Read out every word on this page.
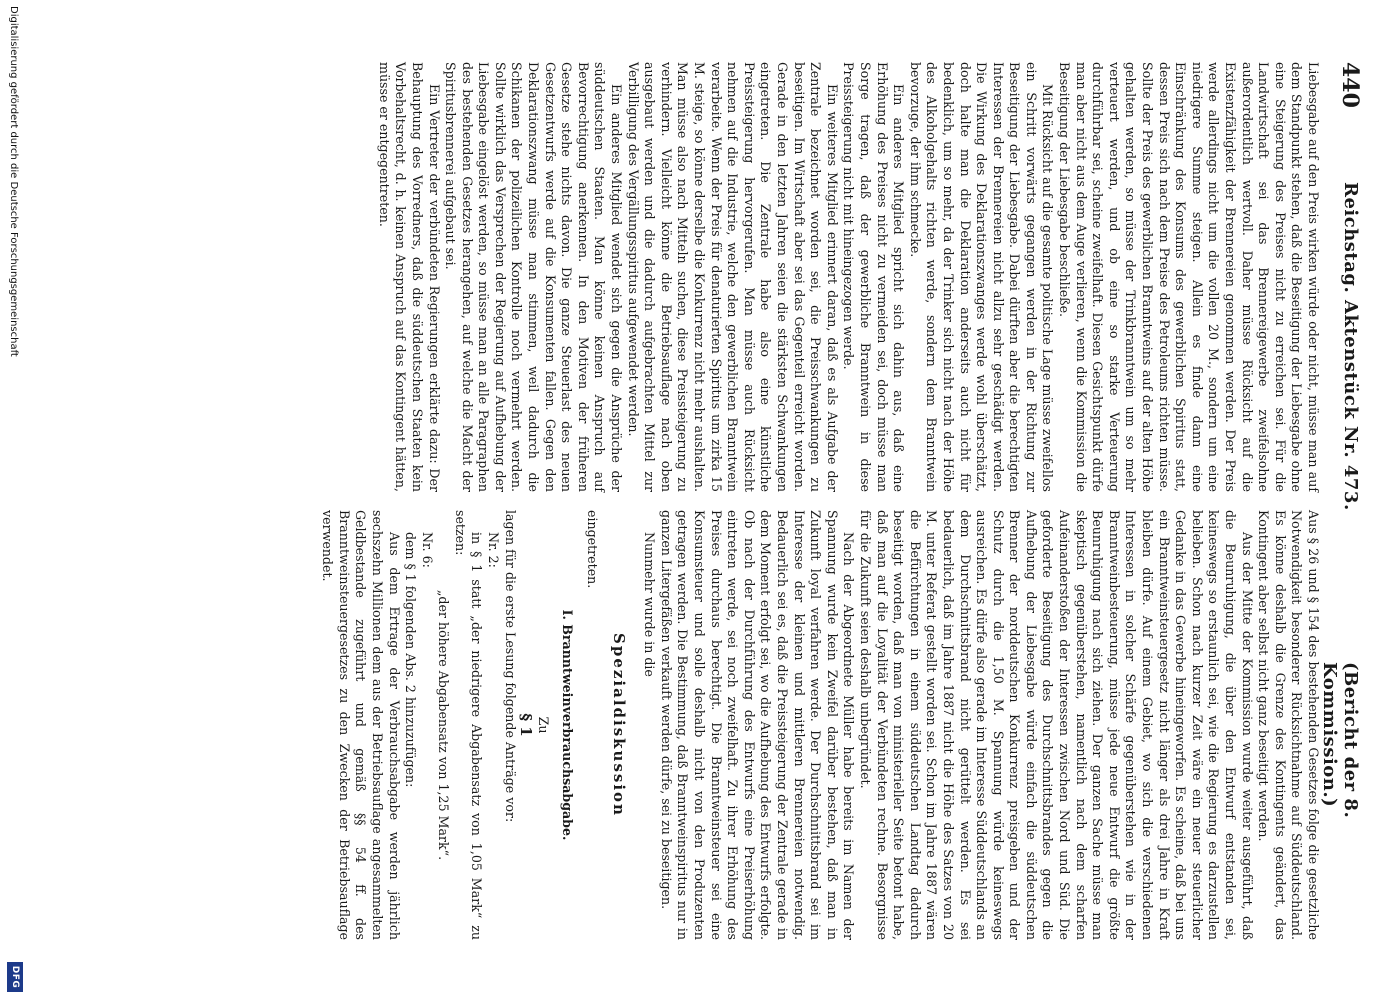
440
Reichstag. Aktenstück Nr. 473.
(Bericht der 8. Kommission.)

Liebesgabe auf den Preis wirken würde oder nicht, müsse man auf dem Standpunkt stehen, daß die Beseitigung der Liebesgabe ohne eine Steigerung des Preises nicht zu erreichen sei. Für die Landwirtschaft sei das Brennereigewerbe zweifelsohne außerordentlich wertvoll. Daher müsse Rücksicht auf die Existenzfähigkeit der Brennereien genommen werden. Der Preis werde allerdings nicht um die vollen 20 M., sondern um eine niedrigere Summe steigen. Allein es finde dann eine Einschränkung des Konsums des gewerblichen Spiritus statt, dessen Preis sich nach dem Preise des Petroleums richten müsse. Sollte der Preis des gewerblichen Branntweins auf der alten Höhe gehalten werden, so müsse der Trinkbranntwein um so mehr verteuert werden, und ob eine so starke Verteuerung durchführbar sei, scheine zweifelhaft. Diesen Gesichtspunkt dürfe man aber nicht aus dem Auge verlieren, wenn die Kommission die Beseitigung der Liebesgabe beschließe.

Mit Rücksicht auf die gesamte politische Lage müsse zweifellos ein Schritt vorwärts gegangen werden in der Richtung zur Beseitigung der Liebesgabe. Dabei dürften aber die berechtigten Interessen der Brennereien nicht allzu sehr geschädigt werden. Die Wirkung des Deklarationszwanges werde wohl überschätzt, doch halte man die Deklaration anderseits auch nicht für bedenklich, um so mehr, da der Trinker sich nicht nach der Höhe des Alkoholgehalts richten werde, sondern dem Branntwein bevorzuge, der ihm schmecke.

Ein anderes Mitglied spricht sich dahin aus, daß eine Erhöhung des Preises nicht zu vermeiden sei, doch müsse man Sorge tragen, daß der gewerbliche Branntwein in diese Preissteigerung nicht mit hineingezogen werde.

Ein weiteres Mitglied erinnert daran, daß es als Aufgabe der Zentrale bezeichnet worden sei, die Preisschwankungen zu beseitigen. Im Wirtschaft aber sei das Gegenteil erreicht worden. Gerade in den letzten Jahren seien die stärksten Schwankungen eingetreten. Die Zentrale habe also eine künstliche Preissteigerung hervorgerufen. Man müsse auch Rücksicht nehmen auf die Industrie, welche den gewerblichen Branntwein verarbeite. Wenn der Preis für denaturierten Spiritus um zirka 15 M. steige, so könne derselbe die Konkurrenz nicht mehr aushalten. Man müsse also nach Mitteln suchen, diese Preissteigerung zu verhindern. Vielleicht könne die Betriebsauflage nach oben ausgebaut werden und die dadurch aufgebrachten Mittel zur Verbilligung des Vergällungsspiritus aufgewendet werden.

Ein anderes Mitglied wendet sich gegen die Ansprüche der süddeutschen Staaten. Man könne keinen Anspruch auf Bevorrechtigung anerkennen. In den Motiven der früheren Gesetze stehe nichts davon. Die ganze Steuerlast des neuen Gesetzentwurfs werde auf die Konsumenten fallen. Gegen den Deklarationszwang müsse man stimmen, weil dadurch die Schikanen der polizeilichen Kontrolle noch vermehrt werden. Sollte wirklich das Versprechen der Regierung auf Aufhebung der Liebesgabe eingelöst werden, so müsse man an alle Paragraphen des bestehenden Gesetzes herangehen, auf welche die Macht der Spiritusbrennerei aufgebaut sei.

Ein Vertreter der verbündeten Regierungen erklärte dazu: Der Behauptung des Vorredners, daß die süddeutschen Staaten kein Vorbehaltsrecht, d. h. keinen Anspruch auf das Kontingent hätten, müsse er entgegentreten.

Aus § 26 und § 154 des bestehenden Gesetzes folge die gesetzliche Notwendigkeit besonderer Rücksichtnahme auf Süddeutschland. Es könne deshalb die Grenze des Kontingents geändert, das Kontingent aber selbst nicht ganz beseitigt werden.

Aus der Mitte der Kommission wurde weiter ausgeführt, daß die Beunruhigung, die über den Entwurf entstanden sei, keineswegs so erstaunlich sei, wie die Regierung es darzustellen belieben. Schon nach kurzer Zeit wäre ein neuer steuerlicher Gedanke in das Gewerbe hineingeworfen. Es scheine, daß bei uns ein Branntweinsteuergesetz nicht länger als drei Jahre in Kraft bleiben dürfe. Auf einem Gebiet, wo sich die verschiedenen Interessen in solcher Schärfe gegenüberstehen wie in der Branntweinbesteuerung, müsse jede neue Entwurf die größte Beunruhigung nach sich ziehen. Der ganzen Sache müsse man skeptisch gegenüberstehen, namentlich nach dem scharfen Aufeinanderstoßen der Interessen zwischen Nord und Süd. Die geforderte Beseitigung des Durchschnittsbrandes gegen die Aufhebung der Liebesgabe würde einfach die süddeutschen Brenner der norddeutschen Konkurrenz preisgeben und der Schutz durch die 1,50 M. Spannung würde keineswegs ausreichen. Es dürfe also gerade im Interesse Süddeutschlands an dem Durchschnittsbrand nicht gerüttelt werden. Es sei bedauerlich, daß im Jahre 1887 nicht die Höhe des Satzes von 20 M. unter Referat gestellt worden sei. Schon im Jahre 1887 wären die Befürchtungen in einem süddeutschen Landtag dadurch beseitigt worden, daß man von ministerieller Seite betont habe, daß man auf die Loyalität der Verbündeten rechne. Besorgnisse für die Zukunft seien deshalb unbegründet.

Nach der Abgeordnete Müller habe bereits im Namen der Spannung wurde kein Zweifel darüber bestehen, daß man in Zukunft loyal verfahren werde. Der Durchschnittsbrand sei im Interesse der kleinen und mittleren Brennereien notwendig. Bedauerlich sei es, daß die Preissteigerung der Zentrale gerade in dem Moment erfolgt sei, wo die Aufhebung des Entwurfs erfolgte. Ob nach der Durchführung des Entwurfs eine Preiserhöhung eintreten werde, sei noch zweifelhaft. Zu ihrer Erhöhung des Preises durchaus berechtigt. Die Branntweinsteuer sei eine Konsumsteuer und solle deshalb nicht von den Produzenten getragen werden. Die Bestimmung, daß Branntweinspiritus nur in ganzen Litergefäßen verkauft werden dürfe, sei zu beseitigen.

Nunmehr wurde in die

Spezialdiskussion

eingetreten.

I. Branntweinverbrauchsabgabe.

Zu

§ 1

lagen für die erste Lesung folgende Anträge vor:

Nr. 2:

in § 1 statt „der niedrigere Abgabensatz von 1,05 Mark“ zu setzen:

„der höhere Abgabensatz von 1,25 Mark“.

Nr. 6:

dem § 1 folgenden Abs. 2 hinzuzufügen:

Aus dem Ertrage der Verbrauchsabgabe werden jährlich sechszehn Millionen dem aus der Betriebsauflage angesammelten Geldbestande zugeführt und gemäß §§ 54 ff. des Branntweinsteuergesetzes zu den Zwecken der Betriebsauflage verwendet.

Digitalisierung gefördert durch die Deutsche Forschungsgemeinschaft
DFG
